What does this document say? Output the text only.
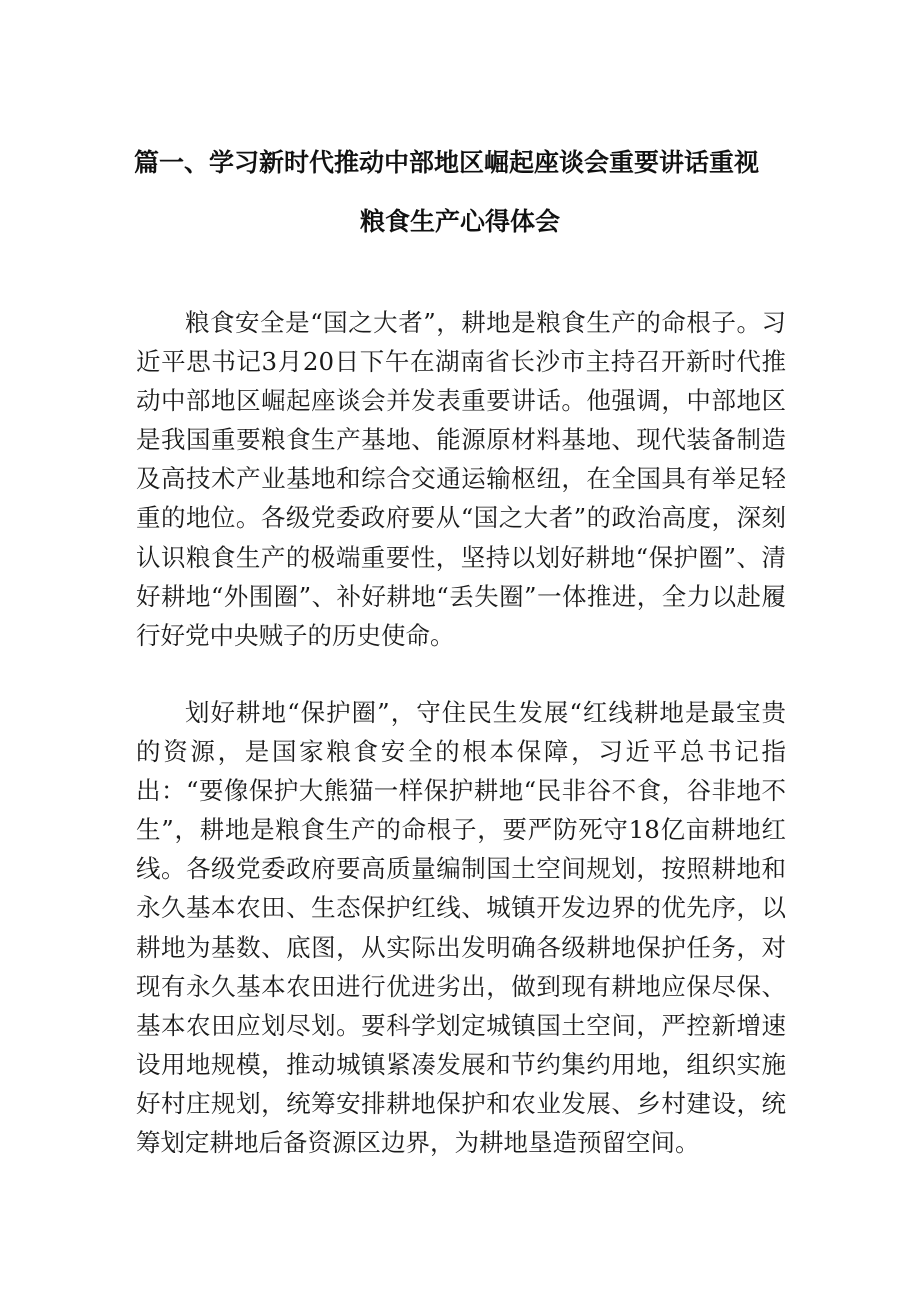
篇一、学习新时代推动中部地区崛起座谈会重要讲话重视
粮食生产心得体会

粮食安全是“国之大者”，耕地是粮食生产的命根子。习近平思书记3月20日下午在湖南省长沙市主持召开新时代推动中部地区崛起座谈会并发表重要讲话。他强调，中部地区是我国重要粮食生产基地、能源原材料基地、现代装备制造及高技术产业基地和综合交通运输枢纽，在全国具有举足轻重的地位。各级党委政府要从“国之大者”的政治高度，深刻认识粮食生产的极端重要性，坚持以划好耕地“保护圈”、清好耕地“外围圈”、补好耕地“丢失圈”一体推进，全力以赴履行好党中央贼子的历史使命。

划好耕地“保护圈”，守住民生发展“红线耕地是最宝贵的资源，是国家粮食安全的根本保障，习近平总书记指出：“要像保护大熊猫一样保护耕地“民非谷不食，谷非地不生”，耕地是粮食生产的命根子，要严防死守18亿亩耕地红线。各级党委政府要高质量编制国土空间规划，按照耕地和永久基本农田、生态保护红线、城镇开发边界的优先序，以耕地为基数、底图，从实际出发明确各级耕地保护任务，对现有永久基本农田进行优进劣出，做到现有耕地应保尽保、基本农田应划尽划。要科学划定城镇国土空间，严控新增速设用地规模，推动城镇紧凑发展和节约集约用地，组织实施好村庄规划，统筹安排耕地保护和农业发展、乡村建设，统筹划定耕地后备资源区边界，为耕地垦造预留空间。
